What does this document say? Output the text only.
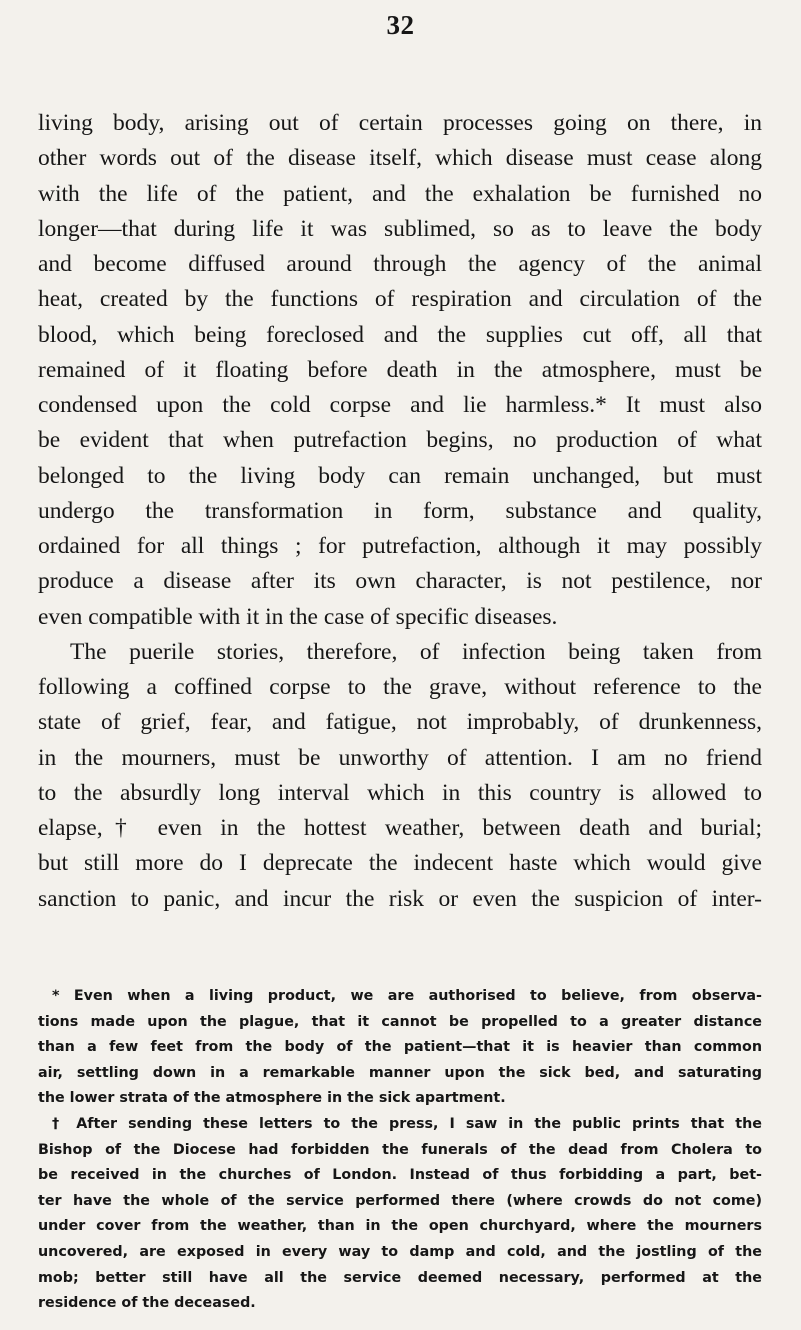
32
living body, arising out of certain processes going on there, in
other words out of the disease itself, which disease must cease along
with the life of the patient, and the exhalation be furnished no
longer—that during life it was sublimed, so as to leave the body
and become diffused around through the agency of the animal
heat, created by the functions of respiration and circulation of the
blood, which being foreclosed and the supplies cut off, all that
remained of it floating before death in the atmosphere, must be
condensed upon the cold corpse and lie harmless.* It must also
be evident that when putrefaction begins, no production of what
belonged to the living body can remain unchanged, but must
undergo the transformation in form, substance and quality,
ordained for all things ; for putrefaction, although it may possibly
produce a disease after its own character, is not pestilence, nor
even compatible with it in the case of specific diseases.
The puerile stories, therefore, of infection being taken from
following a coffined corpse to the grave, without reference to the
state of grief, fear, and fatigue, not improbably, of drunkenness,
in the mourners, must be unworthy of attention. I am no friend
to the absurdly long interval which in this country is allowed to
elapse,† even in the hottest weather, between death and burial;
but still more do I deprecate the indecent haste which would give
sanction to panic, and incur the risk or even the suspicion of inter-
* Even when a living product, we are authorised to believe, from observa-
tions made upon the plague, that it cannot be propelled to a greater distance
than a few feet from the body of the patient—that it is heavier than common
air, settling down in a remarkable manner upon the sick bed, and saturating
the lower strata of the atmosphere in the sick apartment.
† After sending these letters to the press, I saw in the public prints that the
Bishop of the Diocese had forbidden the funerals of the dead from Cholera to
be received in the churches of London. Instead of thus forbidding a part, bet-
ter have the whole of the service performed there (where crowds do not come)
under cover from the weather, than in the open churchyard, where the mourners
uncovered, are exposed in every way to damp and cold, and the jostling of the
mob; better still have all the service deemed necessary, performed at the
residence of the deceased.
